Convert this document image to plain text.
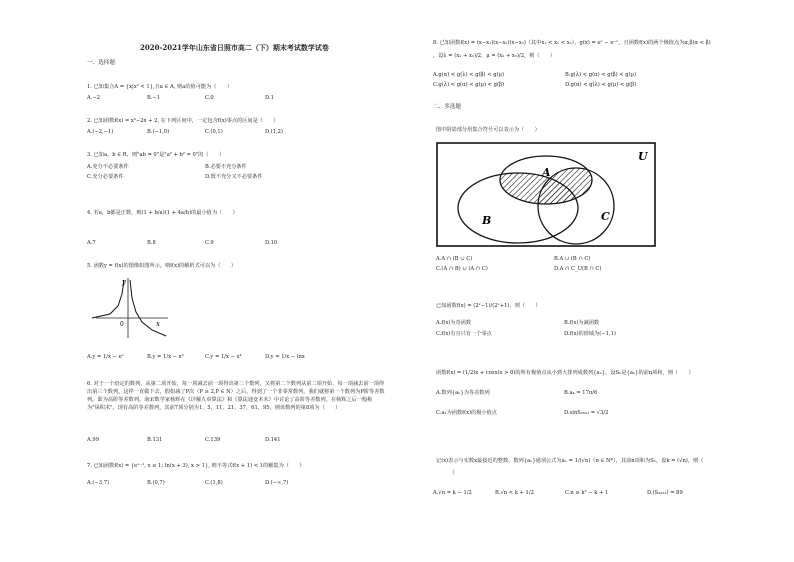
2020-2021学年山东省日照市高二（下）期末考试数学试卷
一、选择题
1. 已知集合A = {x|x² < 1},且a ∈ A, 则a的值可能为（　　）
A.−2	B.−1	C.0	D.1
2. 已知函数f(x) = x³−2x + 2, 在下列区间中，一定包含f(x)零点的区间是（　　）
A.(−2,−1)	B.(−1,0)	C.(0,1)	D.(1,2)
3. 已知a，b ∈ R，则"ab = 0"是"a² + b² = 0"的（　　）
A.充分不必要条件	B.必要不充分条件
C.充分必要条件	D.既不充分又不必要条件
4. 若a，b都是正数，则(1 + b/a)(1 + 4a/b)的最小值为（　　）
A.7	B.8	C.9	D.10
5. 函数y = f(x)的图像如图所示，则f(x)的解析式可以为（　　）
y
x
0
A.y = 1/x − eˣ	B.y = 1/x − x³	C.y = 1/x − x⁴	D.y = 1/x − lnx
6. 对于一个给定的数列，从第二项开始，每一项减去前一项得出第二个数列，又将第二个数列从第二项开始，每一项减去前一项得出第三个数列。这样一直做下去，假如减了P次（P ≥ 2,P ∈ N）之后，得到了一个非零常数列，我们就将第一个数列为P阶等差数列。即为高阶等差数列。南宋数学家杨辉在《详解九章算法》和《算法通变本末》中讨论了高阶等差数列。在杨辉之后一般称为"垛积术"。现有高阶等差数列，其前7项分别为1，5，11，21，37，61，95，则该数列的第8项为（　　）
A.99	B.131	C.139	D.141
7. 已知函数f(x) = {eˣ⁻¹, x ≤ 1; ln(x + 3), x > 1}, 则不等式f(x + 1) < 1的解集为（　　）
A.(−3,7)	B.(0,7)	C.(1,8)	D.(−∞,7)
8. 已知函数f(x) = (x−x₁)(x−x₂)(x−x₃)（其中x₁ < x₂ < x₃），g(x) = eˣ − e⁻ˣ，且函数f(x)的两个极值点为α,β(α < β)
，设λ = (x₁ + x₂)/2，μ = (x₂ + x₃)/2，则（　　）
A.g(α) < g(λ) < g(β) < g(μ)	B.g(λ) < g(α) < g(β) < g(μ)
C.g(λ) < g(α) < g(μ) < g(β)	D.g(α) < g(λ) < g(μ) < g(β)
二、多选题
图中阴影部分用集合符号可以表示为（　　）
U
A
B	C
A.A ∩ (B ∪ C)	B.A ∪ (B ∩ C)
C.(A ∩ B) ∪ (A ∩ C)	D.A ∩ C_U(B ∩ C)
已知函数f(x) = (2ˣ−1)/(2ˣ+1)，则（　　）
A.f(x)为奇函数	B.f(x)为减函数
C.f(x)有且只有一个零点	D.f(x)的值域为(−1,1)
函数f(x) = (1/2)x + cosx(x > 0)的所有极值点从小到大排列成数列{aₙ}，设Sₙ是{aₙ}的前n项和，则（　　）
A.数列{aₙ}为等差数列	B.a₄ = 17π/6
C.a₁为函数f(x)的极小值点	D.sinS₂₀₂₁ = √3/2
记(x)表示与实数x最接近的整数，数列{aₙ}通项公式为aₙ = 1/(√n)（n ∈ N*），其前n项和为Sₙ，设k = (√n)，则（
）
A.√n = k − 1/2	B.√n < k + 1/2	C.n ≥ k² − k + 1	D.(S₂₀₂₁) = 89
